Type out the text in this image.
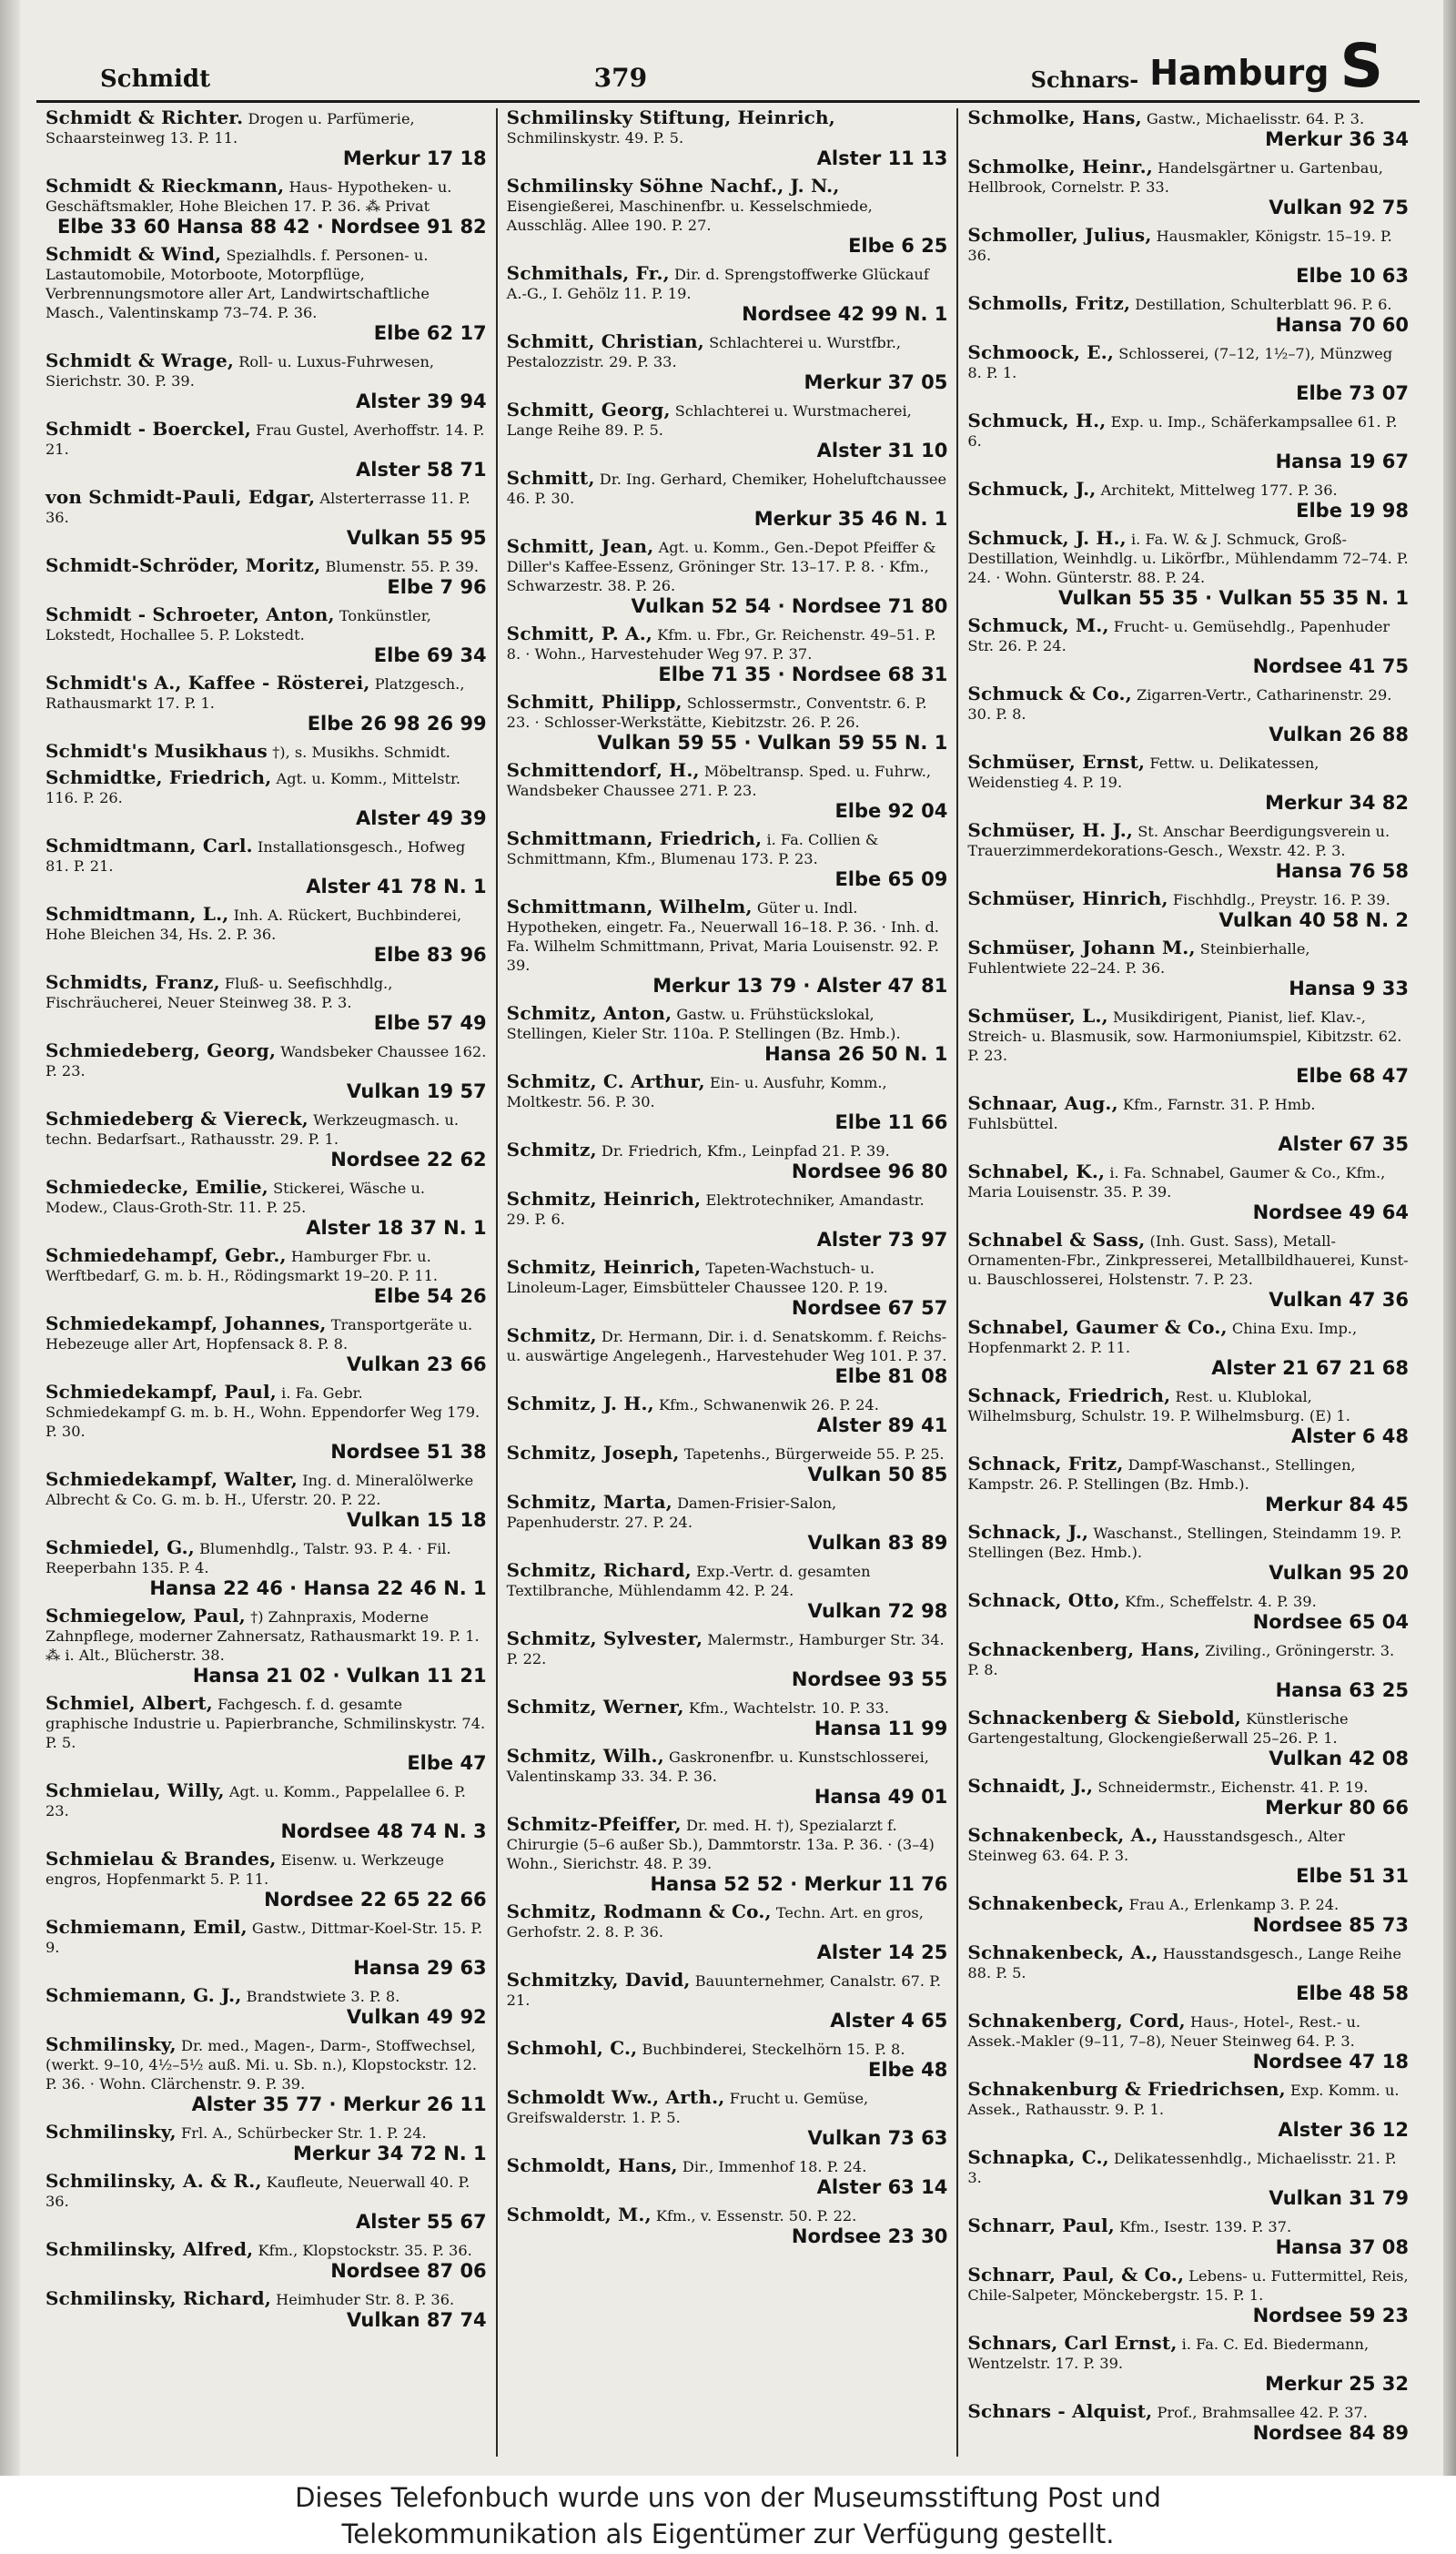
Schmidt	379	Schnars- Hamburg S
Schmidt & Richter. Drogen u. Parfümerie, Schaarsteinweg 13. P. 11.
Merkur 17 18
Schmidt & Rieckmann, Haus- Hypotheken- u. Geschäftsmakler, Hohe Bleichen 17. P. 36. ⁂ Privat
Elbe 33 60 Hansa 88 42 · Nordsee 91 82
Schmidt & Wind, Spezialhdls. f. Personen- u. Lastautomobile, Motorboote, Motorpflüge, Verbrennungsmotore aller Art, Landwirtschaftliche Masch., Valentinskamp 73–74. P. 36.
Elbe 62 17
Schmidt & Wrage, Roll- u. Luxus-Fuhrwesen, Sierichstr. 30. P. 39.
Alster 39 94
Schmidt - Boerckel, Frau Gustel, Averhoffstr. 14. P. 21.
Alster 58 71
von Schmidt-Pauli, Edgar, Alsterterrasse 11. P. 36.
Vulkan 55 95
Schmidt-Schröder, Moritz, Blumenstr. 55. P. 39.
Elbe 7 96
Schmidt - Schroeter, Anton, Tonkünstler, Lokstedt, Hochallee 5. P. Lokstedt.
Elbe 69 34
Schmidt's A., Kaffee - Rösterei, Platzgesch., Rathausmarkt 17. P. 1.
Elbe 26 98 26 99
Schmidt's Musikhaus †), s. Musikhs. Schmidt.
Schmidtke, Friedrich, Agt. u. Komm., Mittelstr. 116. P. 26.
Alster 49 39
Schmidtmann, Carl. Installationsgesch., Hofweg 81. P. 21.
Alster 41 78 N. 1
Schmidtmann, L., Inh. A. Rückert, Buchbinderei, Hohe Bleichen 34, Hs. 2. P. 36.
Elbe 83 96
Schmidts, Franz, Fluß- u. Seefischhdlg., Fischräucherei, Neuer Steinweg 38. P. 3.
Elbe 57 49
Schmiedeberg, Georg, Wandsbeker Chaussee 162. P. 23.
Vulkan 19 57
Schmiedeberg & Viereck, Werkzeugmasch. u. techn. Bedarfsart., Rathausstr. 29. P. 1.
Nordsee 22 62
Schmiedecke, Emilie, Stickerei, Wäsche u. Modew., Claus-Groth-Str. 11. P. 25.
Alster 18 37 N. 1
Schmiedehampf, Gebr., Hamburger Fbr. u. Werftbedarf, G. m. b. H., Rödingsmarkt 19–20. P. 11.
Elbe 54 26
Schmiedekampf, Johannes, Transportgeräte u. Hebezeuge aller Art, Hopfensack 8. P. 8.
Vulkan 23 66
Schmiedekampf, Paul, i. Fa. Gebr. Schmiedekampf G. m. b. H., Wohn. Eppendorfer Weg 179. P. 30.
Nordsee 51 38
Schmiedekampf, Walter, Ing. d. Mineralölwerke Albrecht & Co. G. m. b. H., Uferstr. 20. P. 22.
Vulkan 15 18
Schmiedel, G., Blumenhdlg., Talstr. 93. P. 4. · Fil. Reeperbahn 135. P. 4.
Hansa 22 46 · Hansa 22 46 N. 1
Schmiegelow, Paul, †) Zahnpraxis, Moderne Zahnpflege, moderner Zahnersatz, Rathausmarkt 19. P. 1. ⁂ i. Alt., Blücherstr. 38.
Hansa 21 02 · Vulkan 11 21
Schmiel, Albert, Fachgesch. f. d. gesamte graphische Industrie u. Papierbranche, Schmilinskystr. 74. P. 5.
Elbe 47
Schmielau, Willy, Agt. u. Komm., Pappelallee 6. P. 23.
Nordsee 48 74 N. 3
Schmielau & Brandes, Eisenw. u. Werkzeuge engros, Hopfenmarkt 5. P. 11.
Nordsee 22 65 22 66
Schmiemann, Emil, Gastw., Dittmar-Koel-Str. 15. P. 9.
Hansa 29 63
Schmiemann, G. J., Brandstwiete 3. P. 8.
Vulkan 49 92
Schmilinsky, Dr. med., Magen-, Darm-, Stoffwechsel, (werkt. 9–10, 4½–5½ auß. Mi. u. Sb. n.), Klopstockstr. 12. P. 36. · Wohn. Clärchenstr. 9. P. 39.
Alster 35 77 · Merkur 26 11
Schmilinsky, Frl. A., Schürbecker Str. 1. P. 24.
Merkur 34 72 N. 1
Schmilinsky, A. & R., Kaufleute, Neuerwall 40. P. 36.
Alster 55 67
Schmilinsky, Alfred, Kfm., Klopstockstr. 35. P. 36.
Nordsee 87 06
Schmilinsky, Richard, Heimhuder Str. 8. P. 36.
Vulkan 87 74
Schmilinsky Stiftung, Heinrich, Schmilinskystr. 49. P. 5.
Alster 11 13
Schmilinsky Söhne Nachf., J. N., Eisengießerei, Maschinenfbr. u. Kesselschmiede, Ausschläg. Allee 190. P. 27.
Elbe 6 25
Schmithals, Fr., Dir. d. Sprengstoffwerke Glückauf A.-G., I. Gehölz 11. P. 19.
Nordsee 42 99 N. 1
Schmitt, Christian, Schlachterei u. Wurstfbr., Pestalozzistr. 29. P. 33.
Merkur 37 05
Schmitt, Georg, Schlachterei u. Wurstmacherei, Lange Reihe 89. P. 5.
Alster 31 10
Schmitt, Dr. Ing. Gerhard, Chemiker, Hoheluftchaussee 46. P. 30.
Merkur 35 46 N. 1
Schmitt, Jean, Agt. u. Komm., Gen.-Depot Pfeiffer & Diller's Kaffee-Essenz, Gröninger Str. 13–17. P. 8. · Kfm., Schwarzestr. 38. P. 26.
Vulkan 52 54 · Nordsee 71 80
Schmitt, P. A., Kfm. u. Fbr., Gr. Reichenstr. 49–51. P. 8. · Wohn., Harvestehuder Weg 97. P. 37.
Elbe 71 35 · Nordsee 68 31
Schmitt, Philipp, Schlossermstr., Conventstr. 6. P. 23. · Schlosser-Werkstätte, Kiebitzstr. 26. P. 26.
Vulkan 59 55 · Vulkan 59 55 N. 1
Schmittendorf, H., Möbeltransp. Sped. u. Fuhrw., Wandsbeker Chaussee 271. P. 23.
Elbe 92 04
Schmittmann, Friedrich, i. Fa. Collien & Schmittmann, Kfm., Blumenau 173. P. 23.
Elbe 65 09
Schmittmann, Wilhelm, Güter u. Indl. Hypotheken, eingetr. Fa., Neuerwall 16–18. P. 36. · Inh. d. Fa. Wilhelm Schmittmann, Privat, Maria Louisenstr. 92. P. 39.
Merkur 13 79 · Alster 47 81
Schmitz, Anton, Gastw. u. Frühstückslokal, Stellingen, Kieler Str. 110a. P. Stellingen (Bz. Hmb.).
Hansa 26 50 N. 1
Schmitz, C. Arthur, Ein- u. Ausfuhr, Komm., Moltkestr. 56. P. 30.
Elbe 11 66
Schmitz, Dr. Friedrich, Kfm., Leinpfad 21. P. 39.
Nordsee 96 80
Schmitz, Heinrich, Elektrotechniker, Amandastr. 29. P. 6.
Alster 73 97
Schmitz, Heinrich, Tapeten-Wachstuch- u. Linoleum-Lager, Eimsbütteler Chaussee 120. P. 19.
Nordsee 67 57
Schmitz, Dr. Hermann, Dir. i. d. Senatskomm. f. Reichs- u. auswärtige Angelegenh., Harvestehuder Weg 101. P. 37.
Elbe 81 08
Schmitz, J. H., Kfm., Schwanenwik 26. P. 24.
Alster 89 41
Schmitz, Joseph, Tapetenhs., Bürgerweide 55. P. 25.
Vulkan 50 85
Schmitz, Marta, Damen-Frisier-Salon, Papenhuderstr. 27. P. 24.
Vulkan 83 89
Schmitz, Richard, Exp.-Vertr. d. gesamten Textilbranche, Mühlendamm 42. P. 24.
Vulkan 72 98
Schmitz, Sylvester, Malermstr., Hamburger Str. 34. P. 22.
Nordsee 93 55
Schmitz, Werner, Kfm., Wachtelstr. 10. P. 33.
Hansa 11 99
Schmitz, Wilh., Gaskronenfbr. u. Kunstschlosserei, Valentinskamp 33. 34. P. 36.
Hansa 49 01
Schmitz-Pfeiffer, Dr. med. H. †), Spezialarzt f. Chirurgie (5–6 außer Sb.), Dammtorstr. 13a. P. 36. · (3–4) Wohn., Sierichstr. 48. P. 39.
Hansa 52 52 · Merkur 11 76
Schmitz, Rodmann & Co., Techn. Art. en gros, Gerhofstr. 2. 8. P. 36.
Alster 14 25
Schmitzky, David, Bauunternehmer, Canalstr. 67. P. 21.
Alster 4 65
Schmohl, C., Buchbinderei, Steckelhörn 15. P. 8.
Elbe 48
Schmoldt Ww., Arth., Frucht u. Gemüse, Greifswalderstr. 1. P. 5.
Vulkan 73 63
Schmoldt, Hans, Dir., Immenhof 18. P. 24.
Alster 63 14
Schmoldt, M., Kfm., v. Essenstr. 50. P. 22.
Nordsee 23 30
Schmolke, Hans, Gastw., Michaelisstr. 64. P. 3.
Merkur 36 34
Schmolke, Heinr., Handelsgärtner u. Gartenbau, Hellbrook, Cornelstr. P. 33.
Vulkan 92 75
Schmoller, Julius, Hausmakler, Königstr. 15–19. P. 36.
Elbe 10 63
Schmolls, Fritz, Destillation, Schulterblatt 96. P. 6.
Hansa 70 60
Schmoock, E., Schlosserei, (7–12, 1½–7), Münzweg 8. P. 1.
Elbe 73 07
Schmuck, H., Exp. u. Imp., Schäferkampsallee 61. P. 6.
Hansa 19 67
Schmuck, J., Architekt, Mittelweg 177. P. 36.
Elbe 19 98
Schmuck, J. H., i. Fa. W. & J. Schmuck, Groß-Destillation, Weinhdlg. u. Likörfbr., Mühlendamm 72–74. P. 24. · Wohn. Günterstr. 88. P. 24.
Vulkan 55 35 · Vulkan 55 35 N. 1
Schmuck, M., Frucht- u. Gemüsehdlg., Papenhuder Str. 26. P. 24.
Nordsee 41 75
Schmuck & Co., Zigarren-Vertr., Catharinenstr. 29. 30. P. 8.
Vulkan 26 88
Schmüser, Ernst, Fettw. u. Delikatessen, Weidenstieg 4. P. 19.
Merkur 34 82
Schmüser, H. J., St. Anschar Beerdigungsverein u. Trauerzimmerdekorations-Gesch., Wexstr. 42. P. 3.
Hansa 76 58
Schmüser, Hinrich, Fischhdlg., Preystr. 16. P. 39.
Vulkan 40 58 N. 2
Schmüser, Johann M., Steinbierhalle, Fuhlentwiete 22–24. P. 36.
Hansa 9 33
Schmüser, L., Musikdirigent, Pianist, lief. Klav.-, Streich- u. Blasmusik, sow. Harmoniumspiel, Kibitzstr. 62. P. 23.
Elbe 68 47
Schnaar, Aug., Kfm., Farnstr. 31. P. Hmb. Fuhlsbüttel.
Alster 67 35
Schnabel, K., i. Fa. Schnabel, Gaumer & Co., Kfm., Maria Louisenstr. 35. P. 39.
Nordsee 49 64
Schnabel & Sass, (Inh. Gust. Sass), Metall-Ornamenten-Fbr., Zinkpresserei, Metallbildhauerei, Kunst- u. Bauschlosserei, Holstenstr. 7. P. 23.
Vulkan 47 36
Schnabel, Gaumer & Co., China Exu. Imp., Hopfenmarkt 2. P. 11.
Alster 21 67 21 68
Schnack, Friedrich, Rest. u. Klublokal, Wilhelmsburg, Schulstr. 19. P. Wilhelmsburg. (E) 1.
Alster 6 48
Schnack, Fritz, Dampf-Waschanst., Stellingen, Kampstr. 26. P. Stellingen (Bz. Hmb.).
Merkur 84 45
Schnack, J., Waschanst., Stellingen, Steindamm 19. P. Stellingen (Bez. Hmb.).
Vulkan 95 20
Schnack, Otto, Kfm., Scheffelstr. 4. P. 39.
Nordsee 65 04
Schnackenberg, Hans, Ziviling., Gröningerstr. 3. P. 8.
Hansa 63 25
Schnackenberg & Siebold, Künstlerische Gartengestaltung, Glockengießerwall 25–26. P. 1.
Vulkan 42 08
Schnaidt, J., Schneidermstr., Eichenstr. 41. P. 19.
Merkur 80 66
Schnakenbeck, A., Hausstandsgesch., Alter Steinweg 63. 64. P. 3.
Elbe 51 31
Schnakenbeck, Frau A., Erlenkamp 3. P. 24.
Nordsee 85 73
Schnakenbeck, A., Hausstandsgesch., Lange Reihe 88. P. 5.
Elbe 48 58
Schnakenberg, Cord, Haus-, Hotel-, Rest.- u. Assek.-Makler (9–11, 7–8), Neuer Steinweg 64. P. 3.
Nordsee 47 18
Schnakenburg & Friedrichsen, Exp. Komm. u. Assek., Rathausstr. 9. P. 1.
Alster 36 12
Schnapka, C., Delikatessenhdlg., Michaelisstr. 21. P. 3.
Vulkan 31 79
Schnarr, Paul, Kfm., Isestr. 139. P. 37.
Hansa 37 08
Schnarr, Paul, & Co., Lebens- u. Futtermittel, Reis, Chile-Salpeter, Mönckebergstr. 15. P. 1.
Nordsee 59 23
Schnars, Carl Ernst, i. Fa. C. Ed. Biedermann, Wentzelstr. 17. P. 39.
Merkur 25 32
Schnars - Alquist, Prof., Brahmsallee 42. P. 37.
Nordsee 84 89
Dieses Telefonbuch wurde uns von der Museumsstiftung Post und
Telekommunikation als Eigentümer zur Verfügung gestellt.
